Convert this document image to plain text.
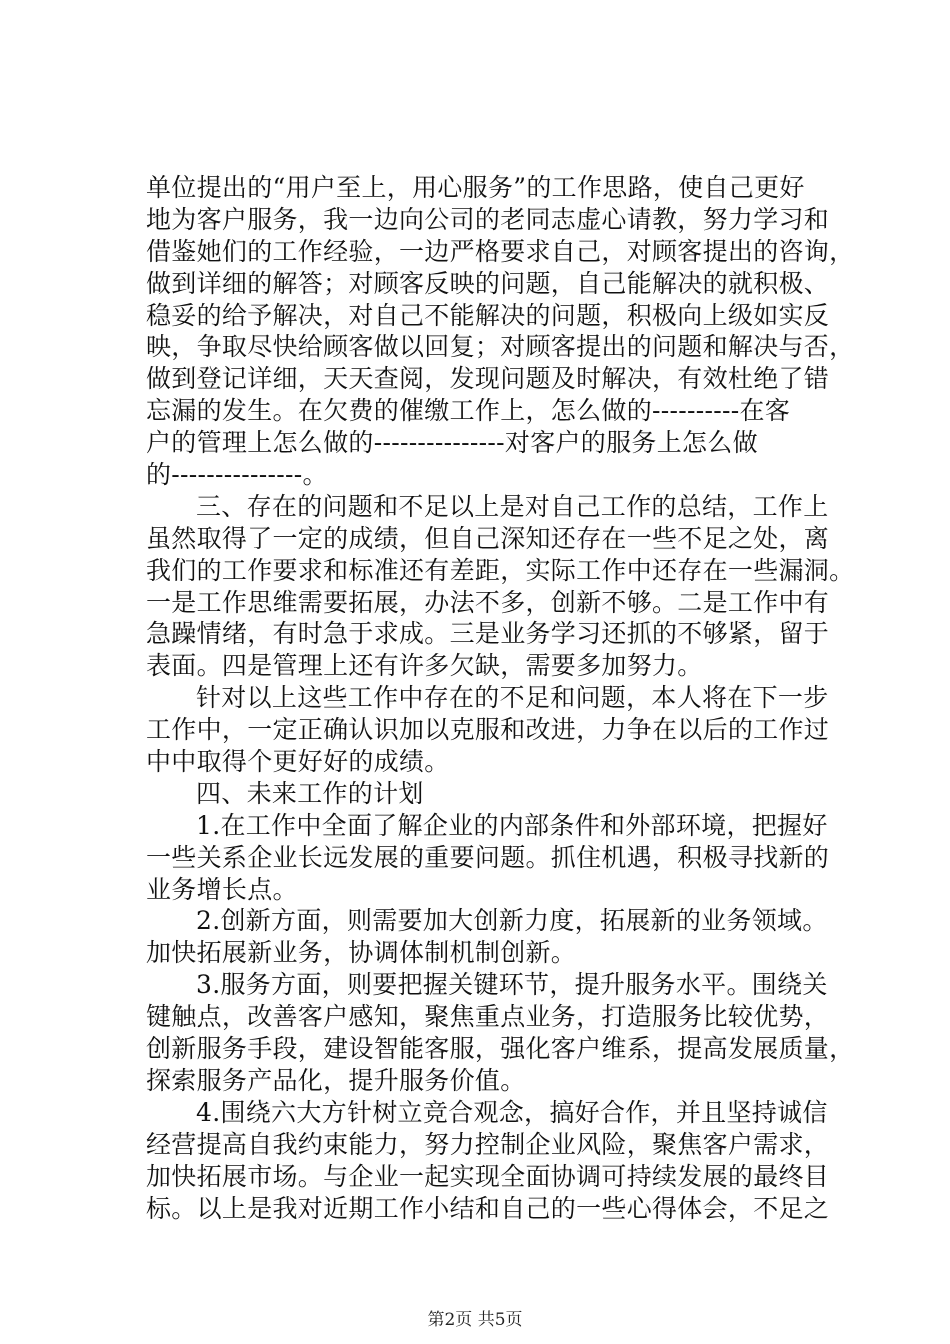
单位提出的“用户至上，用心服务”的工作思路，使自己更好
地为客户服务，我一边向公司的老同志虚心请教，努力学习和
借鉴她们的工作经验，一边严格要求自己，对顾客提出的咨询，
做到详细的解答；对顾客反映的问题，自己能解决的就积极、
稳妥的给予解决，对自己不能解决的问题，积极向上级如实反
映，争取尽快给顾客做以回复；对顾客提出的问题和解决与否，
做到登记详细，天天查阅，发现问题及时解决，有效杜绝了错
忘漏的发生。在欠费的催缴工作上，怎么做的----------在客
户的管理上怎么做的---------------对客户的服务上怎么做
的---------------。
三、存在的问题和不足以上是对自己工作的总结，工作上
虽然取得了一定的成绩，但自己深知还存在一些不足之处，离
我们的工作要求和标准还有差距，实际工作中还存在一些漏洞。
一是工作思维需要拓展，办法不多，创新不够。二是工作中有
急躁情绪，有时急于求成。三是业务学习还抓的不够紧，留于
表面。四是管理上还有许多欠缺，需要多加努力。
针对以上这些工作中存在的不足和问题，本人将在下一步
工作中，一定正确认识加以克服和改进，力争在以后的工作过
中中取得个更好好的成绩。
四、未来工作的计划
1.在工作中全面了解企业的内部条件和外部环境，把握好
一些关系企业长远发展的重要问题。抓住机遇，积极寻找新的
业务增长点。
2.创新方面，则需要加大创新力度，拓展新的业务领域。
加快拓展新业务，协调体制机制创新。
3.服务方面，则要把握关键环节，提升服务水平。围绕关
键触点，改善客户感知，聚焦重点业务，打造服务比较优势，
创新服务手段，建设智能客服，强化客户维系，提高发展质量，
探索服务产品化，提升服务价值。
4.围绕六大方针树立竞合观念，搞好合作，并且坚持诚信
经营提高自我约束能力，努力控制企业风险，聚焦客户需求，
加快拓展市场。与企业一起实现全面协调可持续发展的最终目
标。以上是我对近期工作小结和自己的一些心得体会，不足之
第2页 共5页
